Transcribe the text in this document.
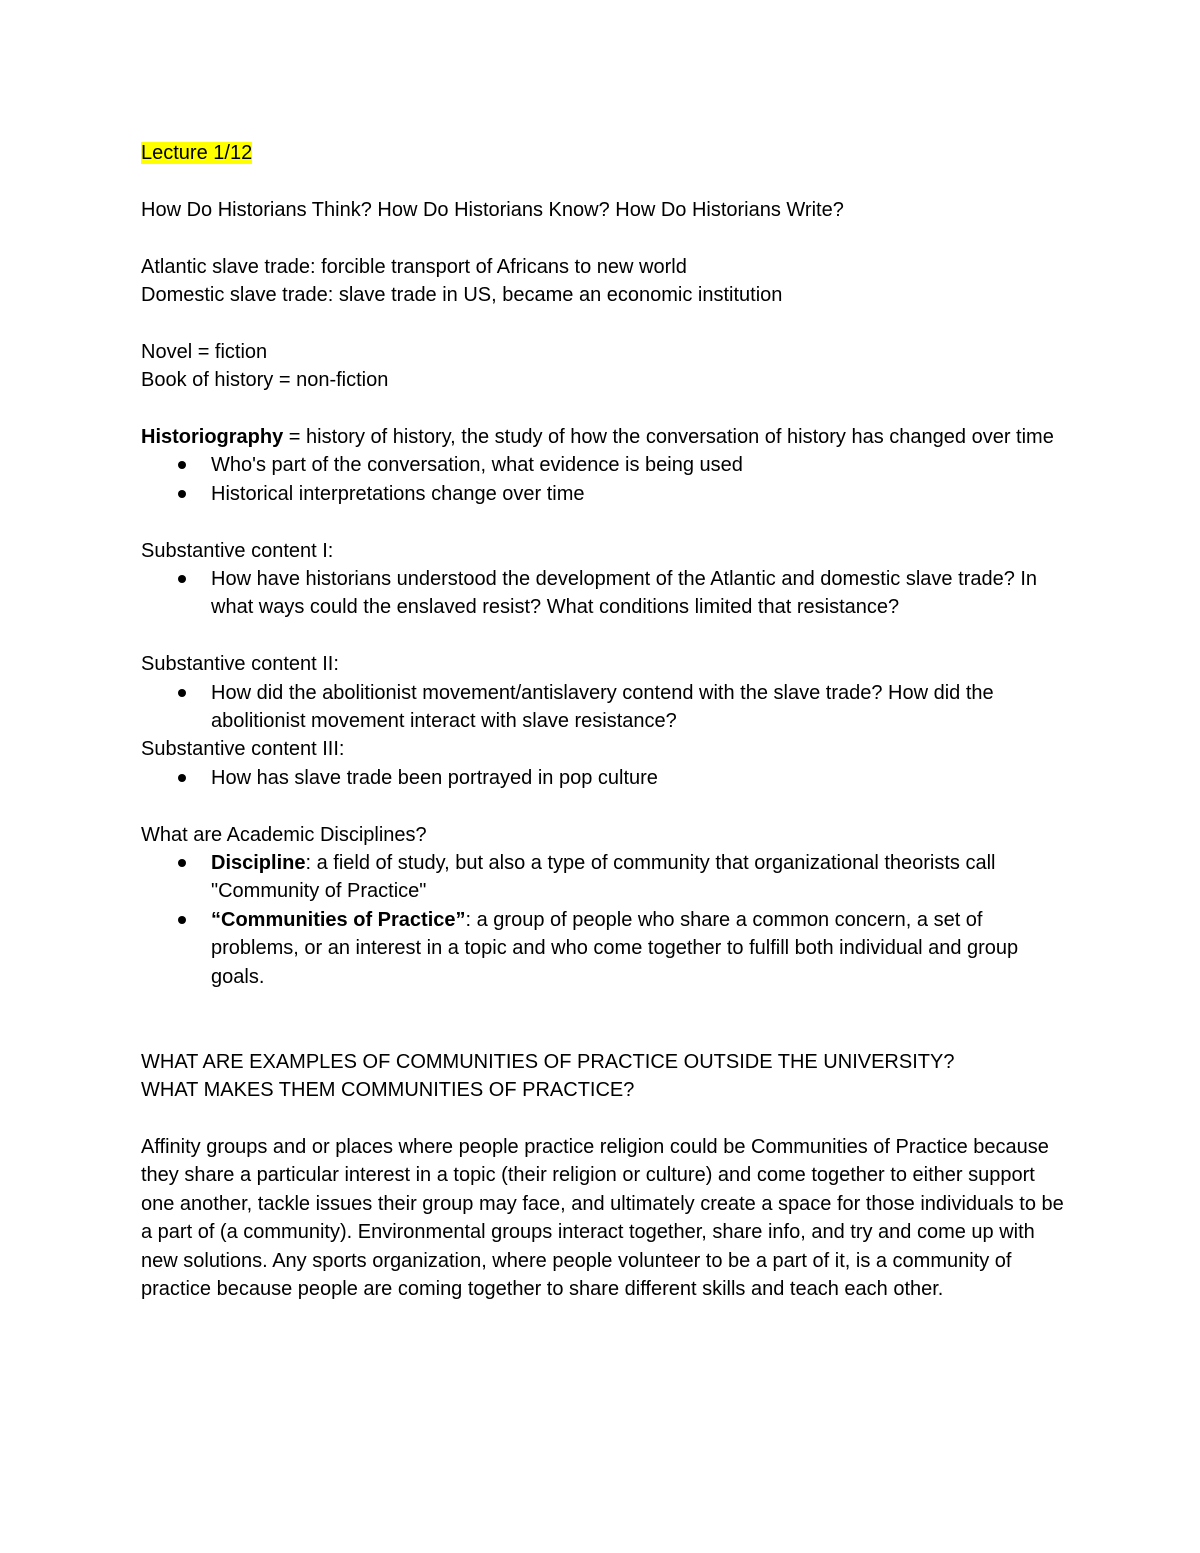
Lecture 1/12

How Do Historians Think? How Do Historians Know? How Do Historians Write?

Atlantic slave trade: forcible transport of Africans to new world

Domestic slave trade: slave trade in US, became an economic institution

Novel = fiction

Book of history = non-fiction

Historiography = history of history, the study of how the conversation of history has changed over time

Who's part of the conversation, what evidence is being used
Historical interpretations change over time

Substantive content I:

How have historians understood the development of the Atlantic and domestic slave trade? In what ways could the enslaved resist? What conditions limited that resistance?

Substantive content II:

How did the abolitionist movement/antislavery contend with the slave trade? How did the abolitionist movement interact with slave resistance?

Substantive content III:

How has slave trade been portrayed in pop culture

What are Academic Disciplines?

Discipline: a field of study, but also a type of community that organizational theorists call "Community of Practice"
“Communities of Practice”: a group of people who share a common concern, a set of problems, or an interest in a topic and who come together to fulfill both individual and group goals.

WHAT ARE EXAMPLES OF COMMUNITIES OF PRACTICE OUTSIDE THE UNIVERSITY?

WHAT MAKES THEM COMMUNITIES OF PRACTICE?

Affinity groups and or places where people practice religion could be Communities of Practice because they share a particular interest in a topic (their religion or culture) and come together to either support one another, tackle issues their group may face, and ultimately create a space for those individuals to be a part of (a community). Environmental groups interact together, share info, and try and come up with new solutions. Any sports organization, where people volunteer to be a part of it, is a community of practice because people are coming together to share different skills and teach each other.
